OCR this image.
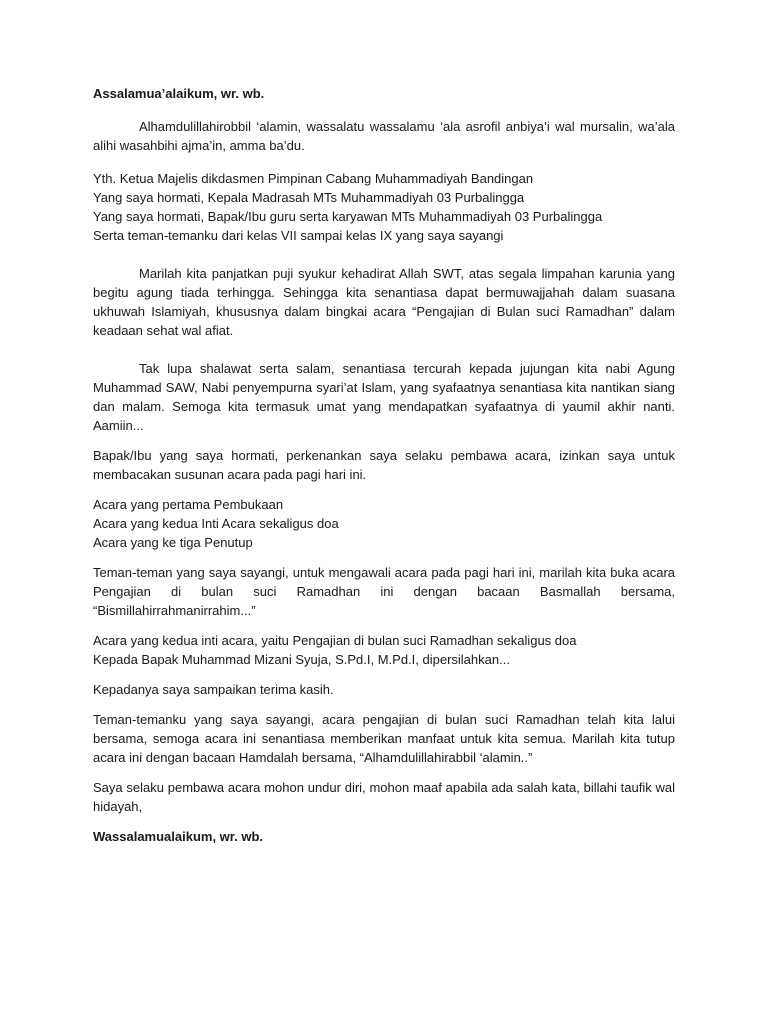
Assalamua’alaikum, wr. wb.

Alhamdulillahirobbil ‘alamin, wassalatu wassalamu ‘ala asrofil anbiya’i wal mursalin, wa’ala alihi wasahbihi ajma’in, amma ba’du.

Yth. Ketua Majelis dikdasmen Pimpinan Cabang Muhammadiyah Bandingan
Yang saya hormati, Kepala Madrasah MTs Muhammadiyah 03 Purbalingga
Yang saya hormati, Bapak/Ibu guru serta karyawan MTs Muhammadiyah 03 Purbalingga
Serta teman-temanku dari kelas VII sampai kelas IX yang saya sayangi

Marilah kita panjatkan puji syukur kehadirat Allah SWT, atas segala limpahan karunia yang begitu agung tiada terhingga. Sehingga kita senantiasa dapat bermuwajjahah dalam suasana ukhuwah Islamiyah, khususnya dalam bingkai acara “Pengajian di Bulan suci Ramadhan” dalam keadaan sehat wal afiat.

Tak lupa shalawat serta salam, senantiasa tercurah kepada jujungan kita nabi Agung Muhammad SAW, Nabi penyempurna syari’at Islam, yang syafaatnya senantiasa kita nantikan siang dan malam. Semoga kita termasuk umat yang mendapatkan syafaatnya di yaumil akhir nanti. Aamiin...

Bapak/Ibu yang saya hormati, perkenankan saya selaku pembawa acara, izinkan saya untuk membacakan susunan acara pada pagi hari ini.

Acara yang pertama Pembukaan
Acara yang kedua Inti Acara sekaligus doa
Acara yang ke tiga Penutup

Teman-teman yang saya sayangi, untuk mengawali acara pada pagi hari ini, marilah kita buka acara Pengajian di bulan suci Ramadhan ini dengan bacaan Basmallah bersama, “Bismillahirrahmanirrahim...”

Acara yang kedua inti acara, yaitu Pengajian di bulan suci Ramadhan sekaligus doa
Kepada Bapak Muhammad Mizani Syuja, S.Pd.I, M.Pd.I, dipersilahkan...

Kepadanya saya sampaikan terima kasih.

Teman-temanku yang saya sayangi, acara pengajian di bulan suci Ramadhan telah kita lalui bersama, semoga acara ini senantiasa memberikan manfaat untuk kita semua. Marilah kita tutup acara ini dengan bacaan Hamdalah bersama, “Alhamdulillahirabbil ‘alamin..”

Saya selaku pembawa acara mohon undur diri, mohon maaf apabila ada salah kata, billahi taufik wal hidayah,

Wassalamualaikum, wr. wb.
